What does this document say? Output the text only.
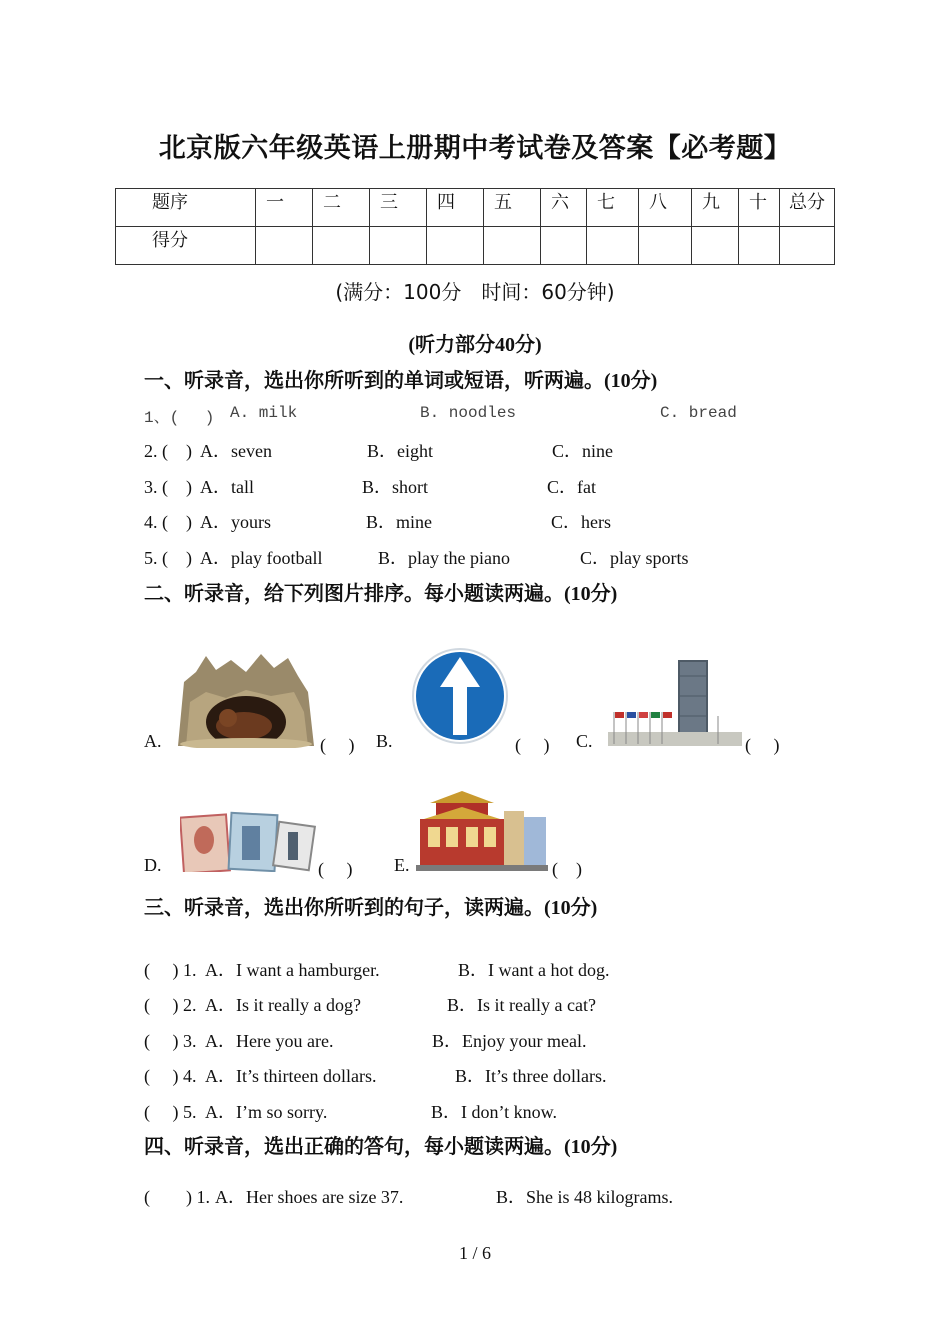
北京版六年级英语上册期中考试卷及答案【必考题】
题序	一	二	三	四	五	六	七	八	九	十	总分
得分											
(满分：100分　时间：60分钟)
(听力部分40分)
一、听录音，选出你所听到的单词或短语，听两遍。(10分)
1、(　 ) A. milk	B. noodles	C. bread
2. (　) A．seven	B．eight	C．nine
3. (　) A．tall	B．short	C．fat
4. (　) A．yours	B．mine	C．hers
5. (　) A．play football	B．play the piano	C．play sports
二、听录音，给下列图片排序。每小题读两遍。(10分)
A.	(　 ) B.	(　 ) C.	(　 )
D.	(　 ) E.	(　)
三、听录音，选出你所听到的句子，读两遍。(10分)
(　 ) 1. A．I want a hamburger.	B．I want a hot dog.
(　 ) 2. A．Is it really a dog?	B．Is it really a cat?
(　 ) 3. A．Here you are.	B．Enjoy your meal.
(　 ) 4. A．It’s thirteen dollars.	B．It’s three dollars.
(　 ) 5. A．I’m so sorry.	B．I don’t know.
四、听录音，选出正确的答句，每小题读两遍。(10分)
(　　) 1. A．Her shoes are size 37.	B．She is 48 kilograms.
1 / 6
